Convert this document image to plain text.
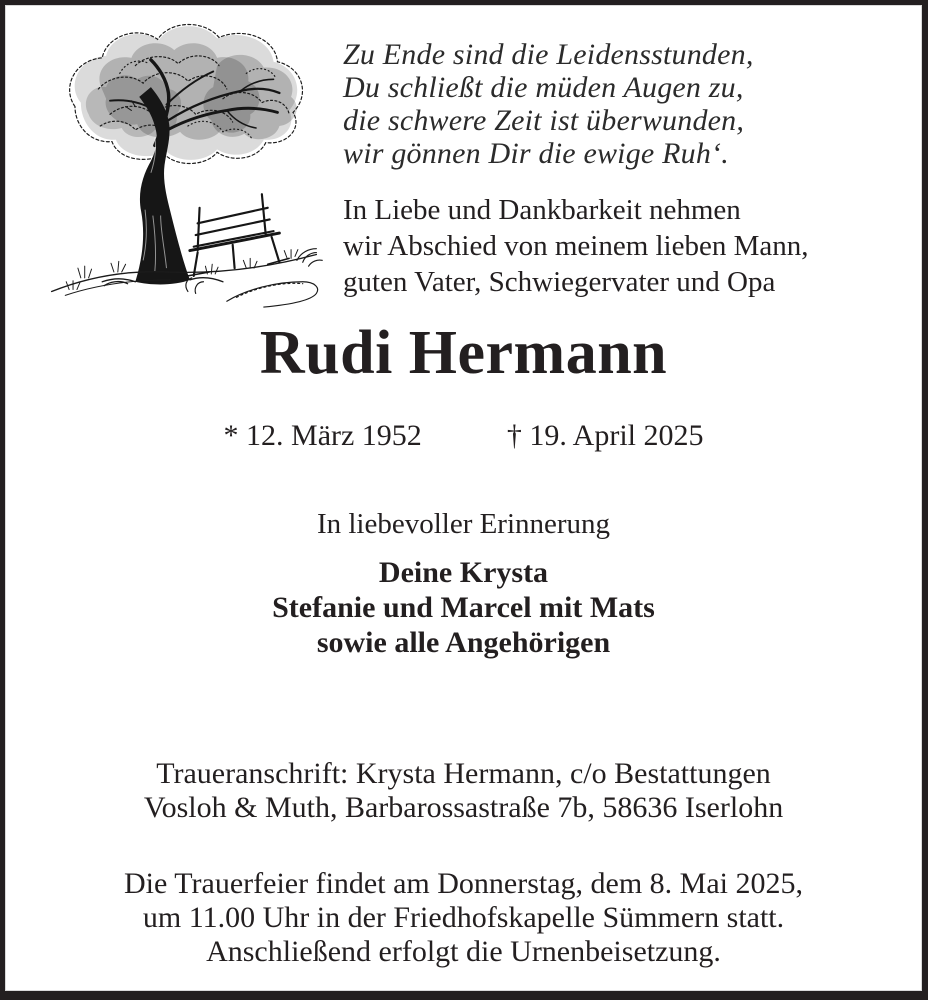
Zu Ende sind die Leidensstunden,
Du schließt die müden Augen zu,
die schwere Zeit ist überwunden,
wir gönnen Dir die ewige Ruh‘.
In Liebe und Dankbarkeit nehmen
wir Abschied von meinem lieben Mann,
guten Vater, Schwiegervater und Opa
Rudi Hermann
* 12. März 1952	† 19. April 2025
In liebevoller Erinnerung
Deine Krysta
Stefanie und Marcel mit Mats
sowie alle Angehörigen
Traueranschrift: Krysta Hermann, c/o Bestattungen
Vosloh & Muth, Barbarossastraße 7b, 58636 Iserlohn
Die Trauerfeier findet am Donnerstag, dem 8. Mai 2025,
um 11.00 Uhr in der Friedhofskapelle Sümmern statt.
Anschließend erfolgt die Urnenbeisetzung.
